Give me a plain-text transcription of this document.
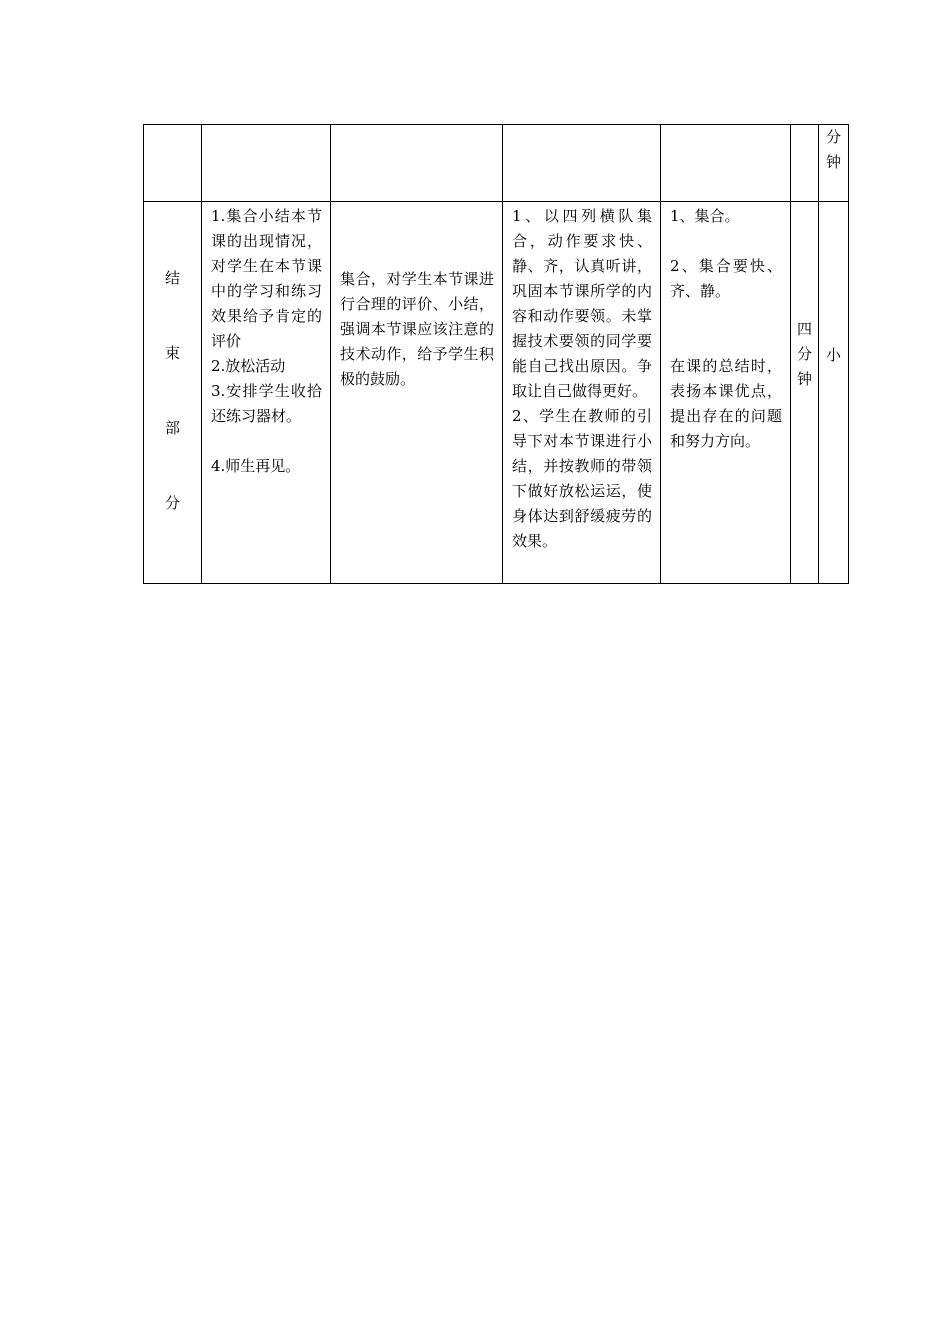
						分
钟

结
束
部
分	1.集合小结本节课的出现情况，对学生在本节课中的学习和练习效果给予肯定的评价
2.放松活动
3.安排学生收拾还练习器材。
4.师生再见。	集合，对学生本节课进行合理的评价、小结，强调本节课应该注意的技术动作，给予学生积极的鼓励。	1、以四列横队集合，动作要求快、静、齐，认真听讲，巩固本节课所学的内容和动作要领。未掌握技术要领的同学要能自己找出原因。争取让自己做得更好。
2、学生在教师的引导下对本节课进行小结，并按教师的带领下做好放松运运，使身体达到舒缓疲劳的效果。	1、集合。
2、集合要快、齐、静。
在课的总结时，表扬本课优点，提出存在的问题和努力方向。	四
分
钟	小
